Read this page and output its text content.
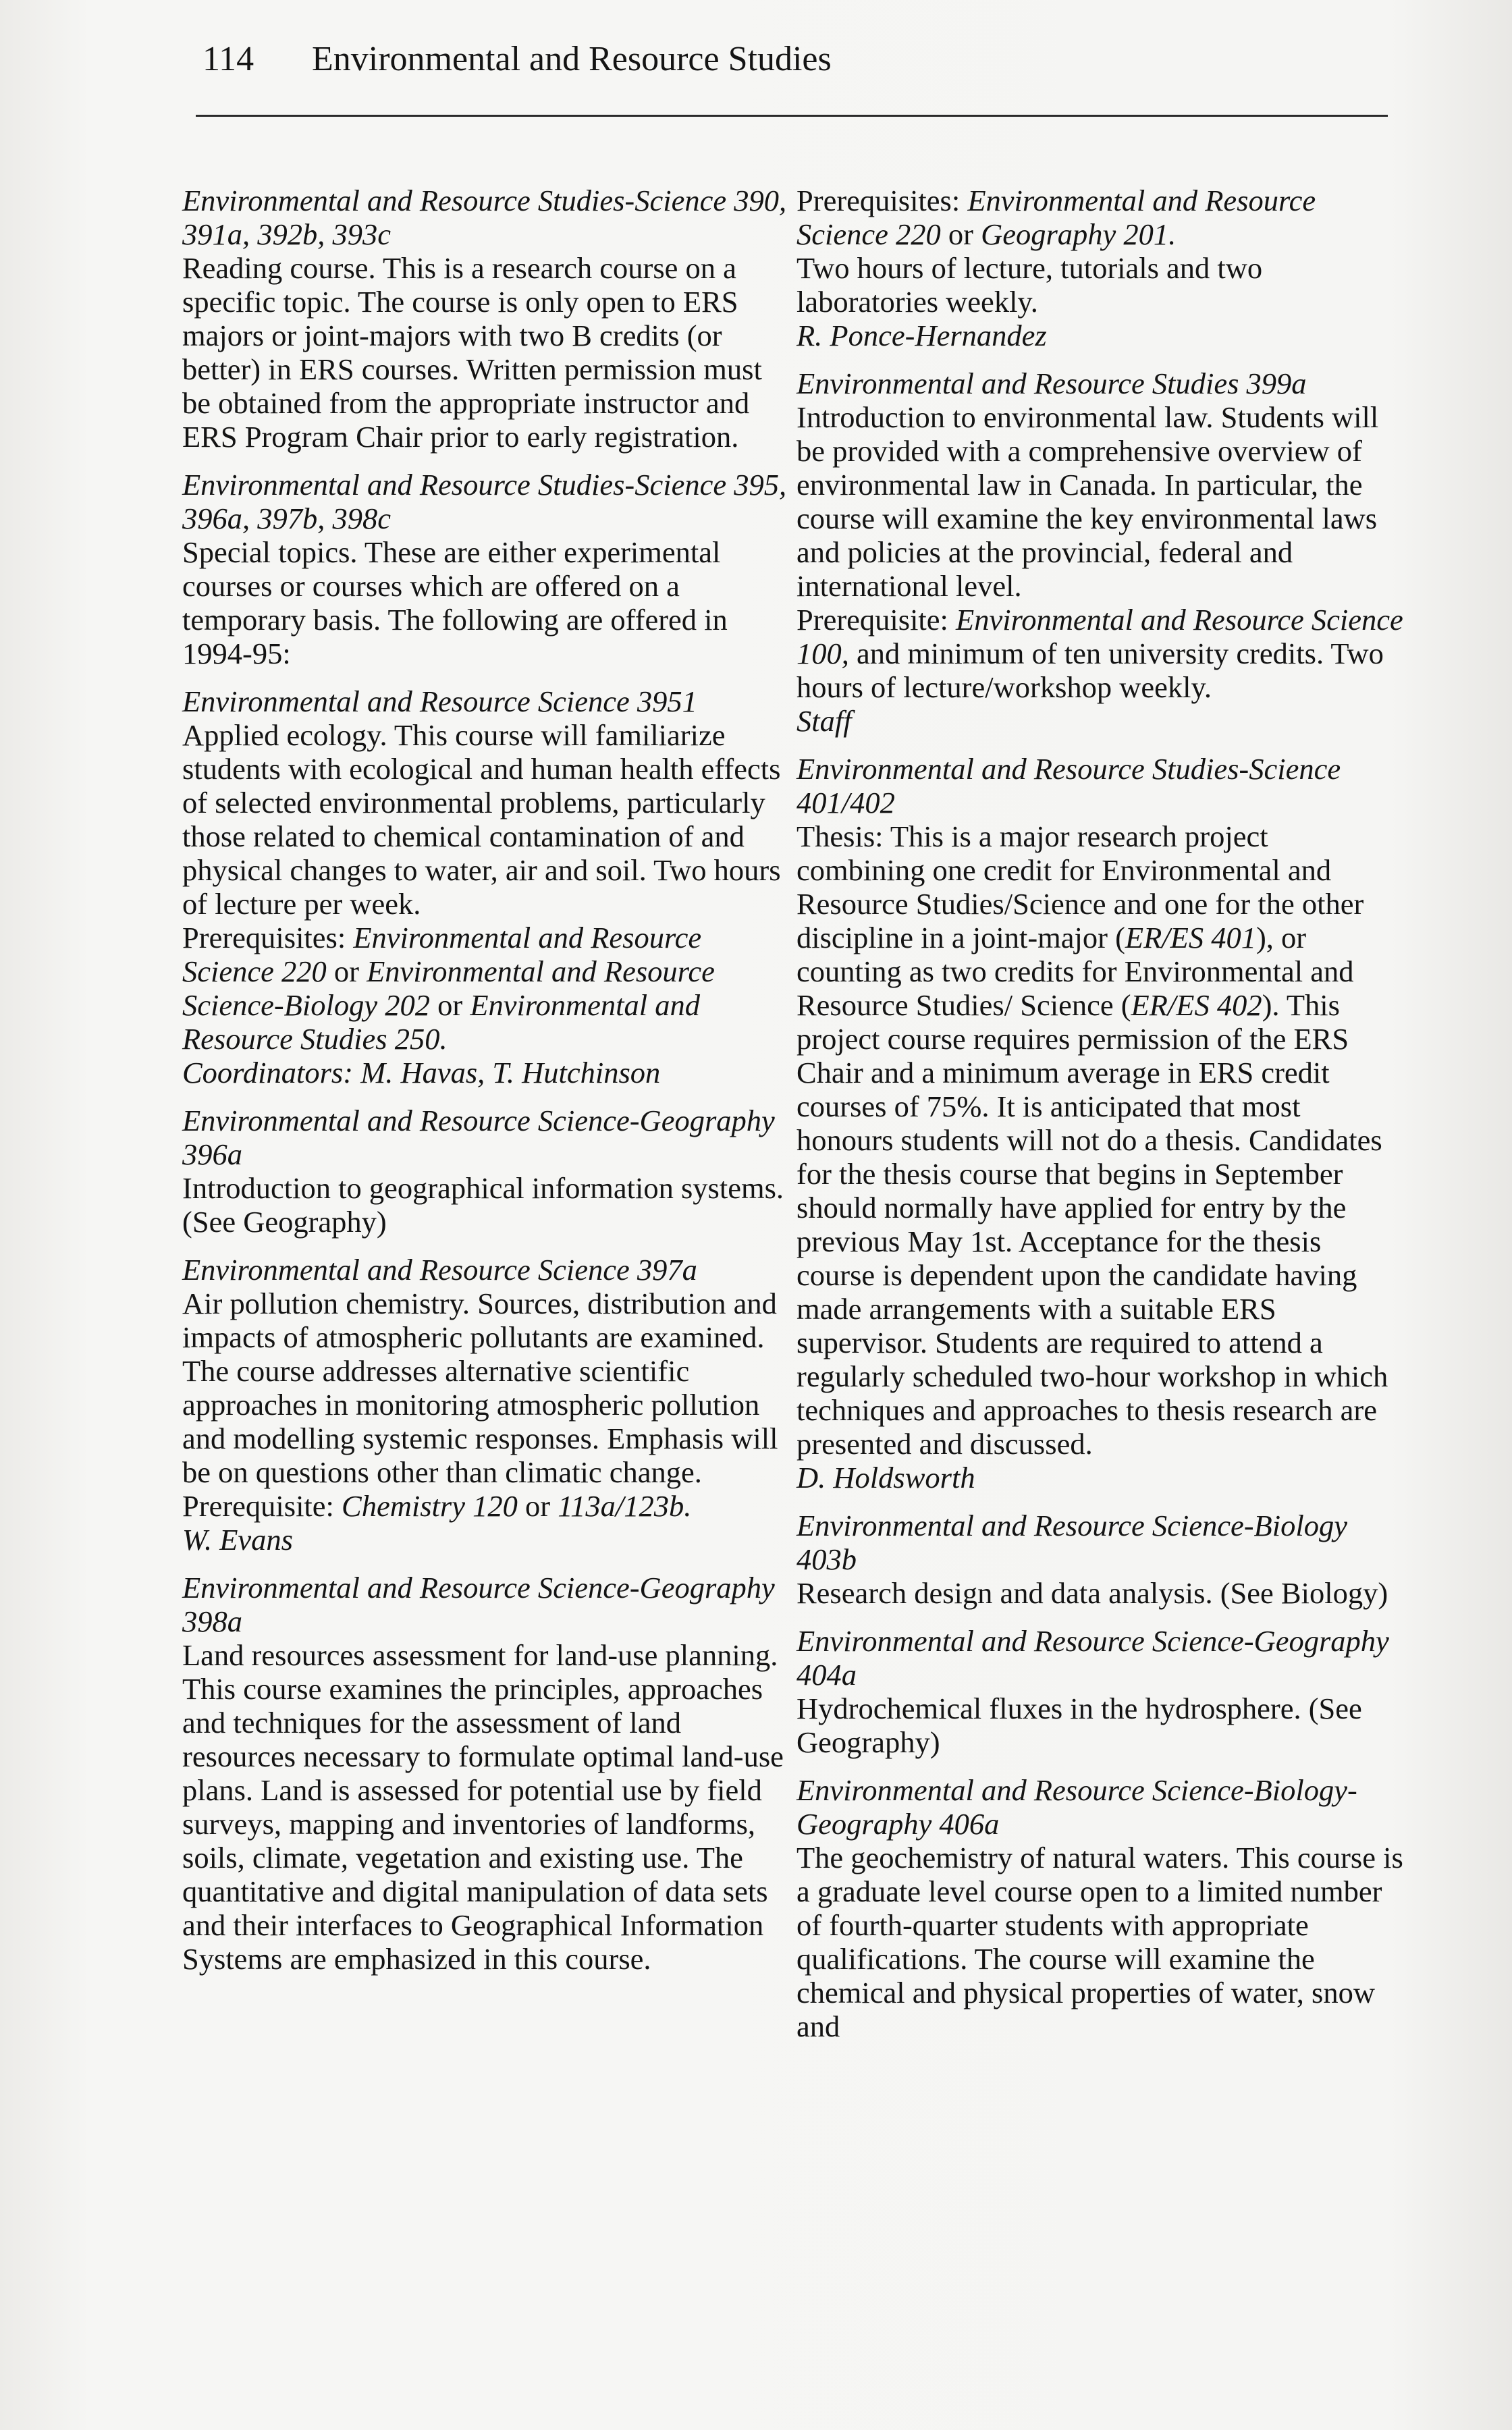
114 Environmental and Resource Studies
Environmental and Resource Studies-Science 390, 391a, 392b, 393c
Reading course. This is a research course on a specific topic. The course is only open to ERS majors or joint-majors with two B credits (or better) in ERS courses. Written permission must be obtained from the appropriate instructor and ERS Program Chair prior to early registration.
Environmental and Resource Studies-Science 395, 396a, 397b, 398c
Special topics. These are either experimental courses or courses which are offered on a temporary basis. The following are offered in 1994-95:
Environmental and Resource Science 3951
Applied ecology. This course will familiarize students with ecological and human health effects of selected environmental problems, particularly those related to chemical contamination of and physical changes to water, air and soil. Two hours of lecture per week.
Prerequisites: Environmental and Resource Science 220 or Environmental and Resource Science-Biology 202 or Environmental and Resource Studies 250.
Coordinators: M. Havas, T. Hutchinson
Environmental and Resource Science-Geography 396a
Introduction to geographical information systems. (See Geography)
Environmental and Resource Science 397a
Air pollution chemistry. Sources, distribution and impacts of atmospheric pollutants are examined. The course addresses alternative scientific approaches in monitoring atmospheric pollution and modelling systemic responses. Emphasis will be on questions other than climatic change. Prerequisite: Chemistry 120 or 113a/123b.
W. Evans
Environmental and Resource Science-Geography 398a
Land resources assessment for land-use planning. This course examines the principles, approaches and techniques for the assessment of land resources necessary to formulate optimal land-use plans. Land is assessed for potential use by field surveys, mapping and inventories of landforms, soils, climate, vegetation and existing use. The quantitative and digital manipulation of data sets and their interfaces to Geographical Information Systems are emphasized in this course.
Prerequisites: Environmental and Resource Science 220 or Geography 201.
Two hours of lecture, tutorials and two laboratories weekly.
R. Ponce-Hernandez
Environmental and Resource Studies 399a
Introduction to environmental law. Students will be provided with a comprehensive overview of environmental law in Canada. In particular, the course will examine the key environmental laws and policies at the provincial, federal and international level.
Prerequisite: Environmental and Resource Science 100, and minimum of ten university credits. Two hours of lecture/workshop weekly.
Staff
Environmental and Resource Studies-Science 401/402
Thesis: This is a major research project combining one credit for Environmental and Resource Studies/Science and one for the other discipline in a joint-major (ER/ES 401), or counting as two credits for Environmental and Resource Studies/ Science (ER/ES 402). This project course requires permission of the ERS Chair and a minimum average in ERS credit courses of 75%. It is anticipated that most honours students will not do a thesis. Candidates for the thesis course that begins in September should normally have applied for entry by the previous May 1st. Acceptance for the thesis course is dependent upon the candidate having made arrangements with a suitable ERS supervisor. Students are required to attend a regularly scheduled two-hour workshop in which techniques and approaches to thesis research are presented and discussed.
D. Holdsworth
Environmental and Resource Science-Biology 403b
Research design and data analysis. (See Biology)
Environmental and Resource Science-Geography 404a
Hydrochemical fluxes in the hydrosphere. (See Geography)
Environmental and Resource Science-Biology-Geography 406a
The geochemistry of natural waters. This course is a graduate level course open to a limited number of fourth-quarter students with appropriate qualifications. The course will examine the chemical and physical properties of water, snow and
